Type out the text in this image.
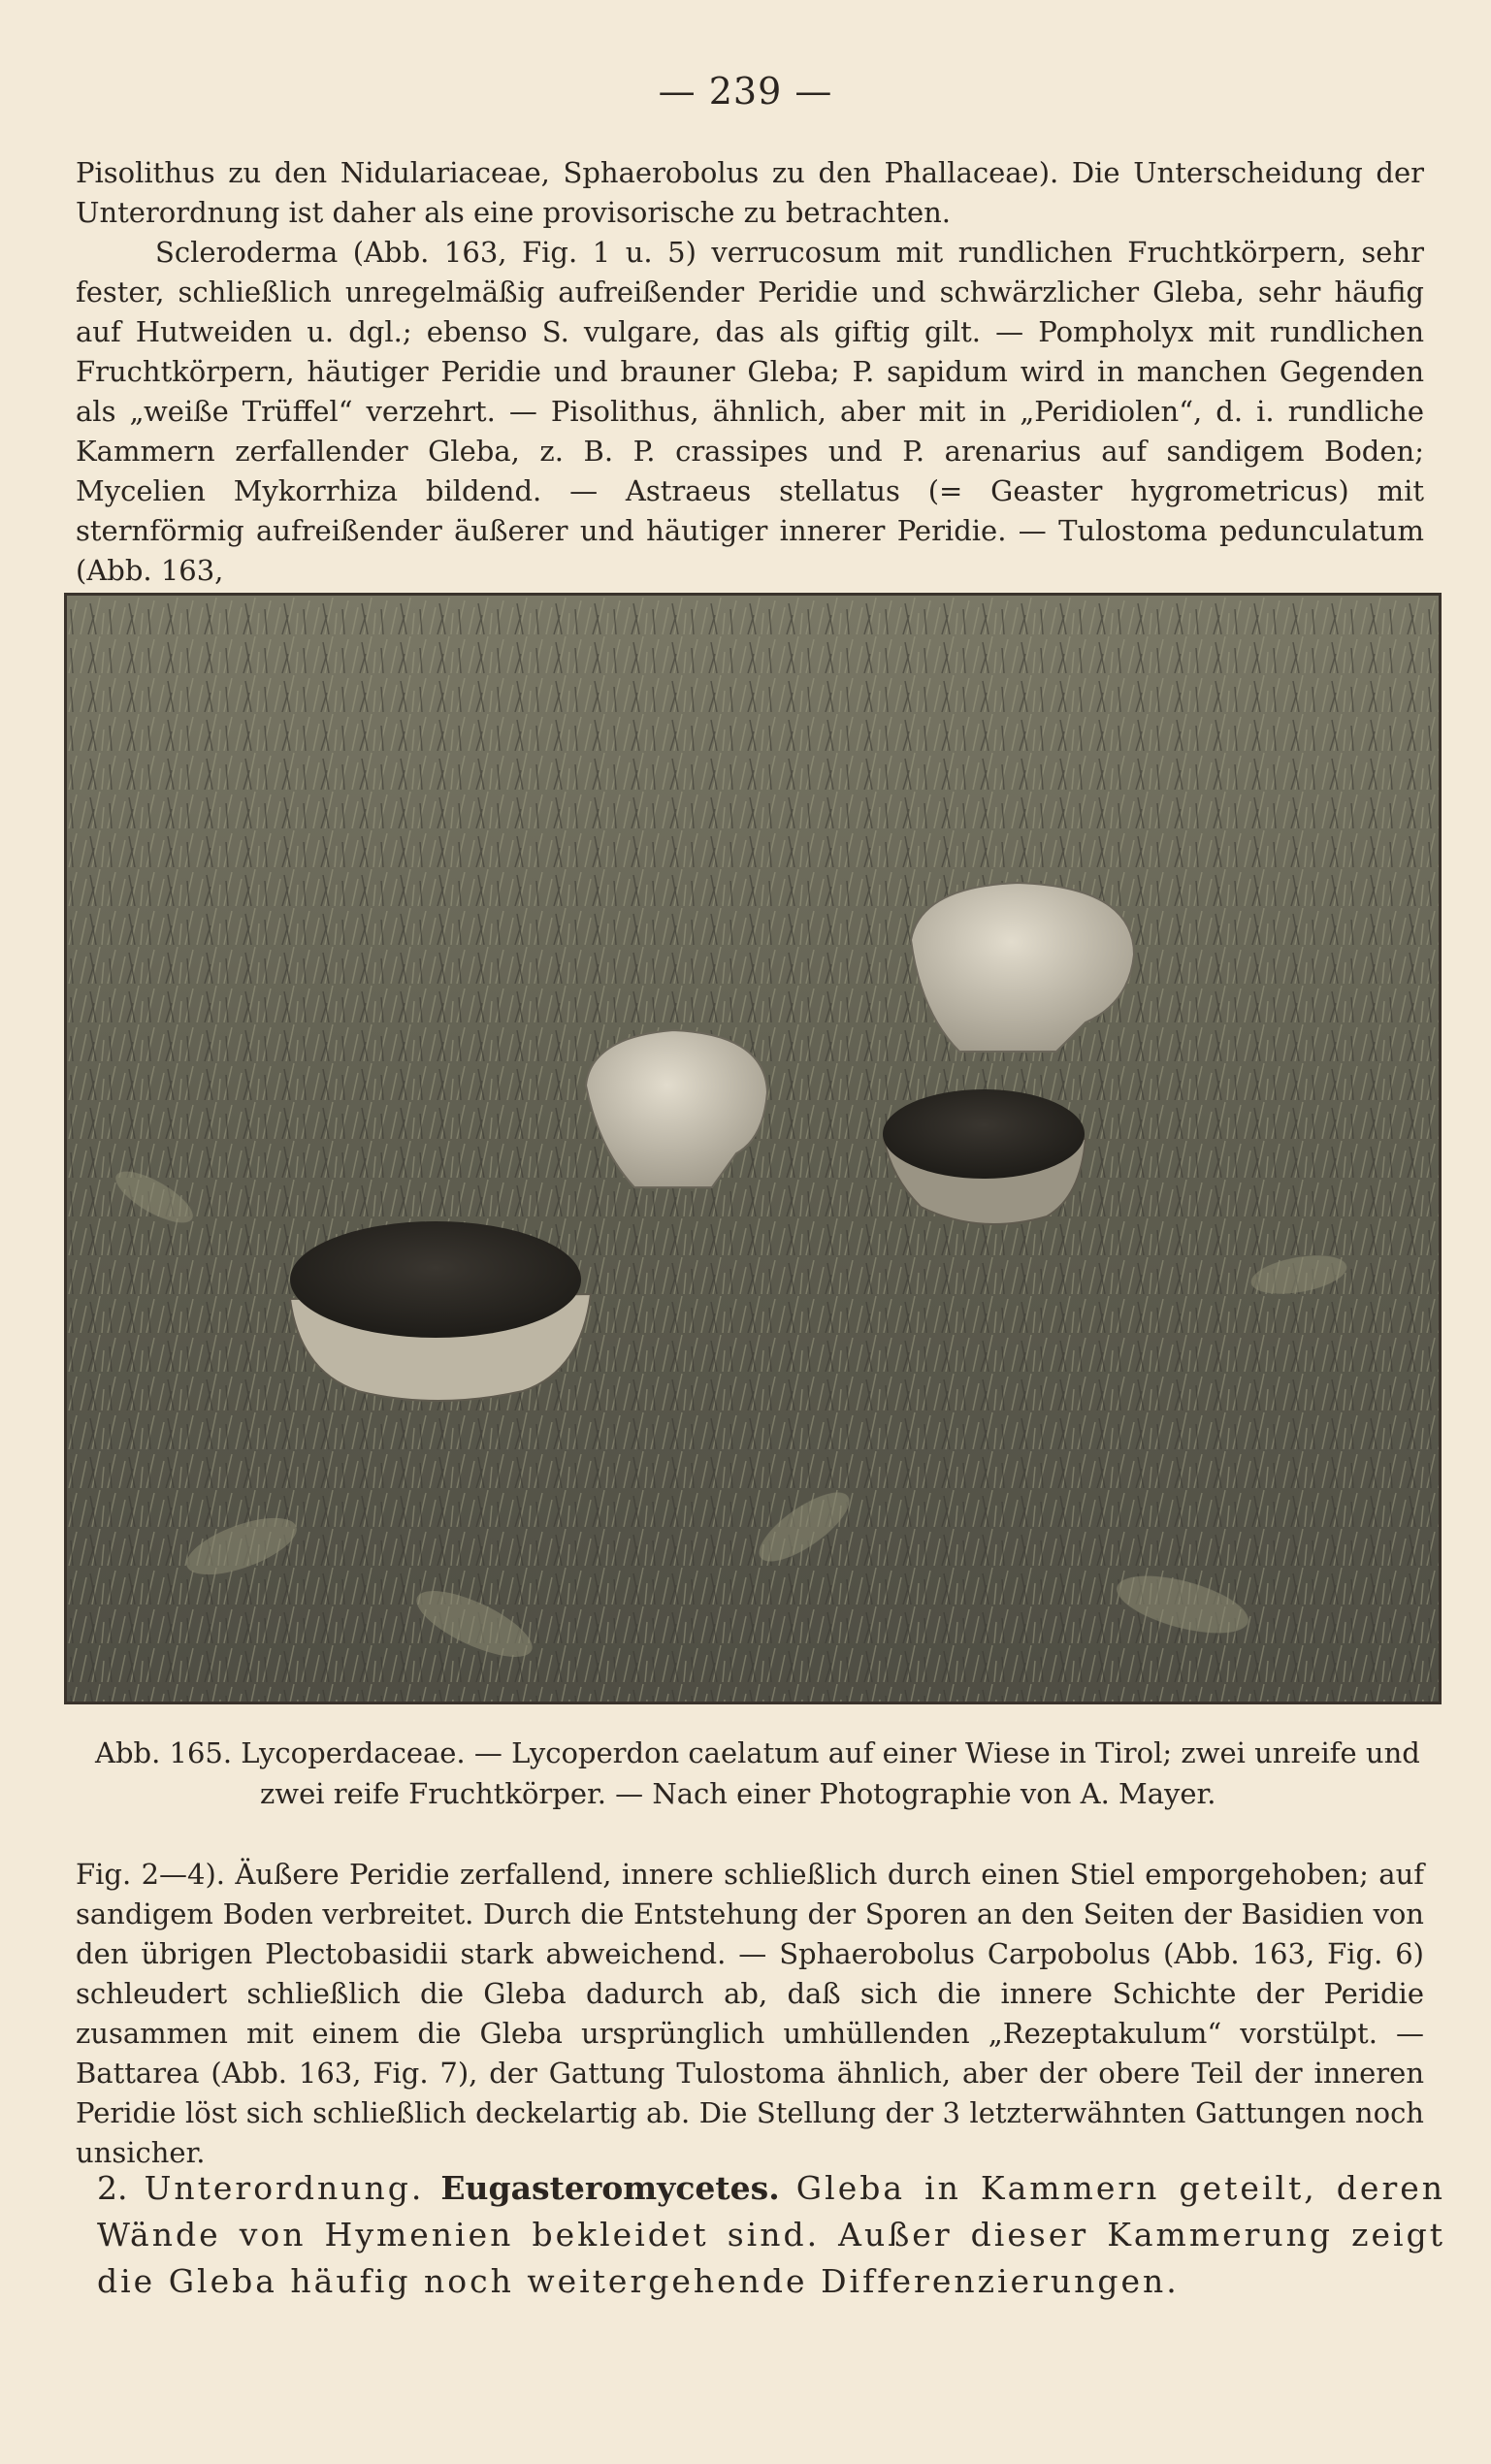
— 239 —

Pisolithus zu den Nidulariaceae, Sphaerobolus zu den Phallaceae). Die Unterscheidung der Unterordnung ist daher als eine provisorische zu betrachten.

Scleroderma (Abb. 163, Fig. 1 u. 5) verrucosum mit rundlichen Fruchtkörpern, sehr fester, schließlich unregelmäßig aufreißender Peridie und schwärzlicher Gleba, sehr häufig auf Hutweiden u. dgl.; ebenso S. vulgare, das als giftig gilt. — Pompholyx mit rundlichen Fruchtkörpern, häutiger Peridie und brauner Gleba; P. sapidum wird in manchen Gegenden als „weiße Trüffel“ verzehrt. — Pisolithus, ähnlich, aber mit in „Peridiolen“, d. i. rundliche Kammern zerfallender Gleba, z. B. P. crassipes und P. arenarius auf sandigem Boden; Mycelien Mykorrhiza bildend. — Astraeus stellatus (= Geaster hygrometricus) mit sternförmig aufreißender äußerer und häutiger innerer Peridie. — Tulostoma pedunculatum (Abb. 163,

Abb. 165. Lycoperdaceae. — Lycoperdon caelatum auf einer Wiese in Tirol; zwei unreife und
zwei reife Fruchtkörper. — Nach einer Photographie von A. Mayer.

Fig. 2—4). Äußere Peridie zerfallend, innere schließlich durch einen Stiel emporgehoben; auf sandigem Boden verbreitet. Durch die Entstehung der Sporen an den Seiten der Basidien von den übrigen Plectobasidii stark abweichend. — Sphaerobolus Carpobolus (Abb. 163, Fig. 6) schleudert schließlich die Gleba dadurch ab, daß sich die innere Schichte der Peridie zusammen mit einem die Gleba ursprünglich umhüllenden „Rezeptakulum“ vorstülpt. — Battarea (Abb. 163, Fig. 7), der Gattung Tulostoma ähnlich, aber der obere Teil der inneren Peridie löst sich schließlich deckelartig ab. Die Stellung der 3 letzterwähnten Gattungen noch unsicher.

2. Unterordnung. Eugasteromycetes. Gleba in Kammern geteilt, deren Wände von Hymenien bekleidet sind. Außer dieser Kammerung zeigt die Gleba häufig noch weitergehende Differenzierungen.
